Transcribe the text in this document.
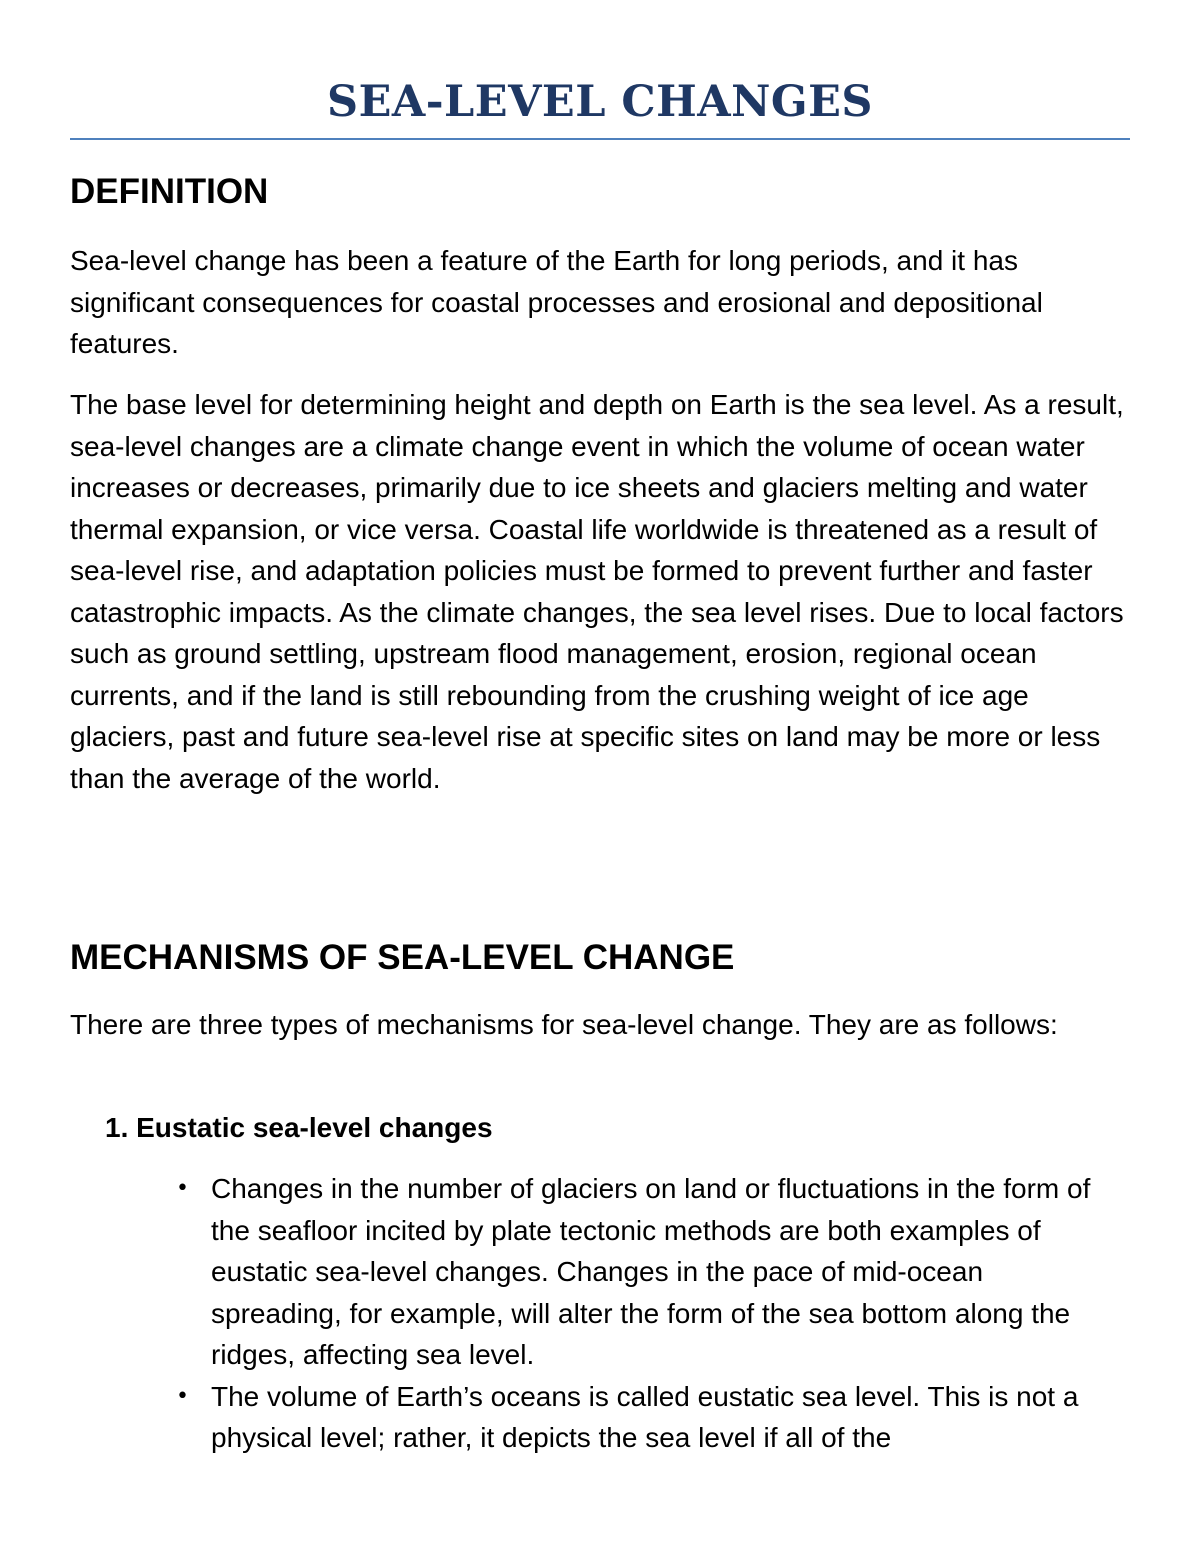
SEA-LEVEL CHANGES
DEFINITION

Sea-level change has been a feature of the Earth for long periods, and it has significant consequences for coastal processes and erosional and depositional features.

The base level for determining height and depth on Earth is the sea level. As a result, sea-level changes are a climate change event in which the volume of ocean water increases or decreases, primarily due to ice sheets and glaciers melting and water thermal expansion, or vice versa. Coastal life worldwide is threatened as a result of sea-level rise, and adaptation policies must be formed to prevent further and faster catastrophic impacts. As the climate changes, the sea level rises. Due to local factors such as ground settling, upstream flood management, erosion, regional ocean currents, and if the land is still rebounding from the crushing weight of ice age glaciers, past and future sea-level rise at specific sites on land may be more or less than the average of the world.

MECHANISMS OF SEA-LEVEL CHANGE

There are three types of mechanisms for sea-level change. They are as follows:

1. Eustatic sea-level changes

• Changes in the number of glaciers on land or fluctuations in the form of the seafloor incited by plate tectonic methods are both examples of eustatic sea-level changes. Changes in the pace of mid-ocean spreading, for example, will alter the form of the sea bottom along the ridges, affecting sea level.
• The volume of Earth’s oceans is called eustatic sea level. This is not a physical level; rather, it depicts the sea level if all of the
